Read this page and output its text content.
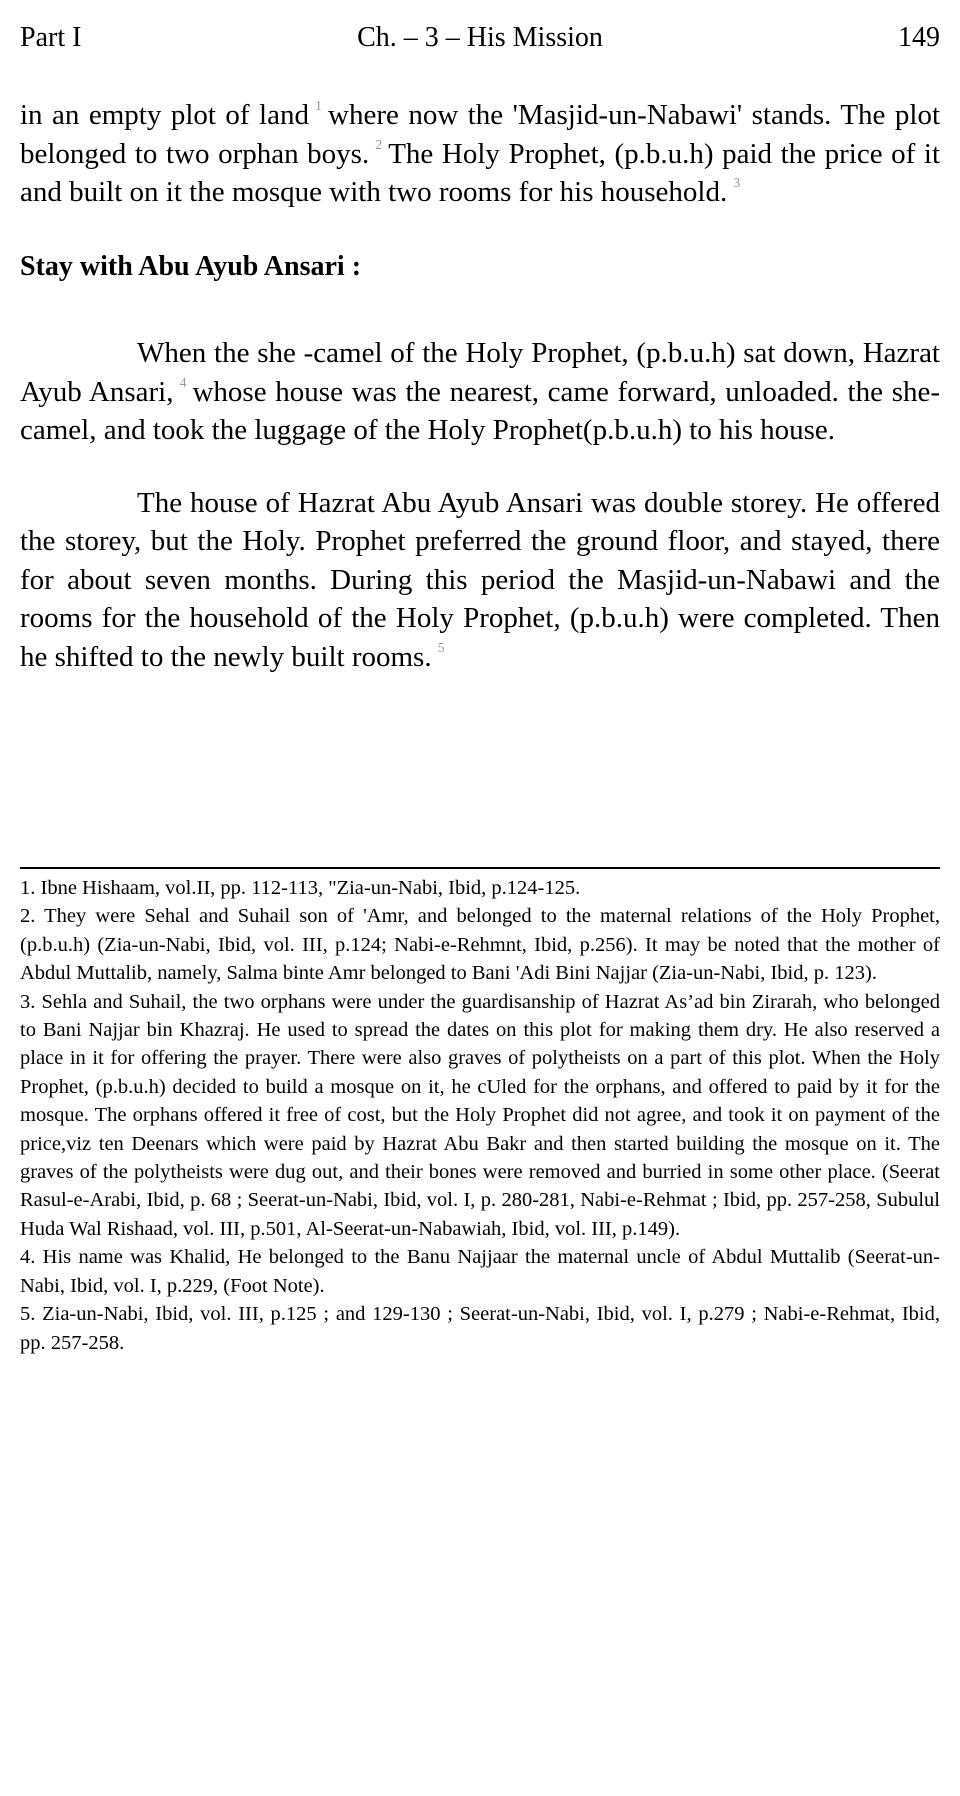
Part I	Ch. – 3 – His Mission	149

in an empty plot of land $^1$ where now the 'Masjid-un-Nabawi' stands. The plot belonged to two orphan boys. $^2$ The Holy Prophet, (p.b.u.h) paid the price of it and built on it the mosque with two rooms for his household. $^3$

Stay with Abu Ayub Ansari :

When the she -camel of the Holy Prophet, (p.b.u.h) sat down, Hazrat Ayub Ansari, $^4$ whose house was the nearest, came forward, unloaded. the she-camel, and took the luggage of the Holy Prophet(p.b.u.h) to his house.

The house of Hazrat Abu Ayub Ansari was double storey. He offered the storey, but the Holy. Prophet preferred the ground floor, and stayed, there for about seven months. During this period the Masjid-un-Nabawi and the rooms for the household of the Holy Prophet, (p.b.u.h) were completed. Then he shifted to the newly built rooms. $^5$

1. Ibne Hishaam, vol.II, pp. 112-113, "Zia-un-Nabi, Ibid, p.124-125.

2. They were Sehal and Suhail son of 'Amr, and belonged to the maternal relations of the Holy Prophet, (p.b.u.h) (Zia-un-Nabi, Ibid, vol. III, p.124; Nabi-e-Rehmnt, Ibid, p.256). It may be noted that the mother of Abdul Muttalib, namely, Salma binte Amr belonged to Bani 'Adi Bini Najjar (Zia-un-Nabi, Ibid, p. 123).

3. Sehla and Suhail, the two orphans were under the guardisanship of Hazrat As’ad bin Zirarah, who belonged to Bani Najjar bin Khazraj. He used to spread the dates on this plot for making them dry. He also reserved a place in it for offering the prayer. There were also graves of polytheists on a part of this plot. When the Holy Prophet, (p.b.u.h) decided to build a mosque on it, he cUled for the orphans, and offered to paid by it for the mosque. The orphans offered it free of cost, but the Holy Prophet did not agree, and took it on payment of the price,viz ten Deenars which were paid by Hazrat Abu Bakr and then started building the mosque on it. The graves of the polytheists were dug out, and their bones were removed and burried in some other place. (Seerat Rasul-e-Arabi, Ibid, p. 68 ; Seerat-un-Nabi, Ibid, vol. I, p. 280-281, Nabi-e-Rehmat ; Ibid, pp. 257-258, Subulul Huda Wal Rishaad, vol. III, p.501, Al-Seerat-un-Nabawiah, Ibid, vol. III, p.149).

4. His name was Khalid, He belonged to the Banu Najjaar the maternal uncle of Abdul Muttalib (Seerat-un-Nabi, Ibid, vol. I, p.229, (Foot Note).

5. Zia-un-Nabi, Ibid, vol. III, p.125 ; and 129-130 ; Seerat-un-Nabi, Ibid, vol. I, p.279 ; Nabi-e-Rehmat, Ibid, pp. 257-258.
